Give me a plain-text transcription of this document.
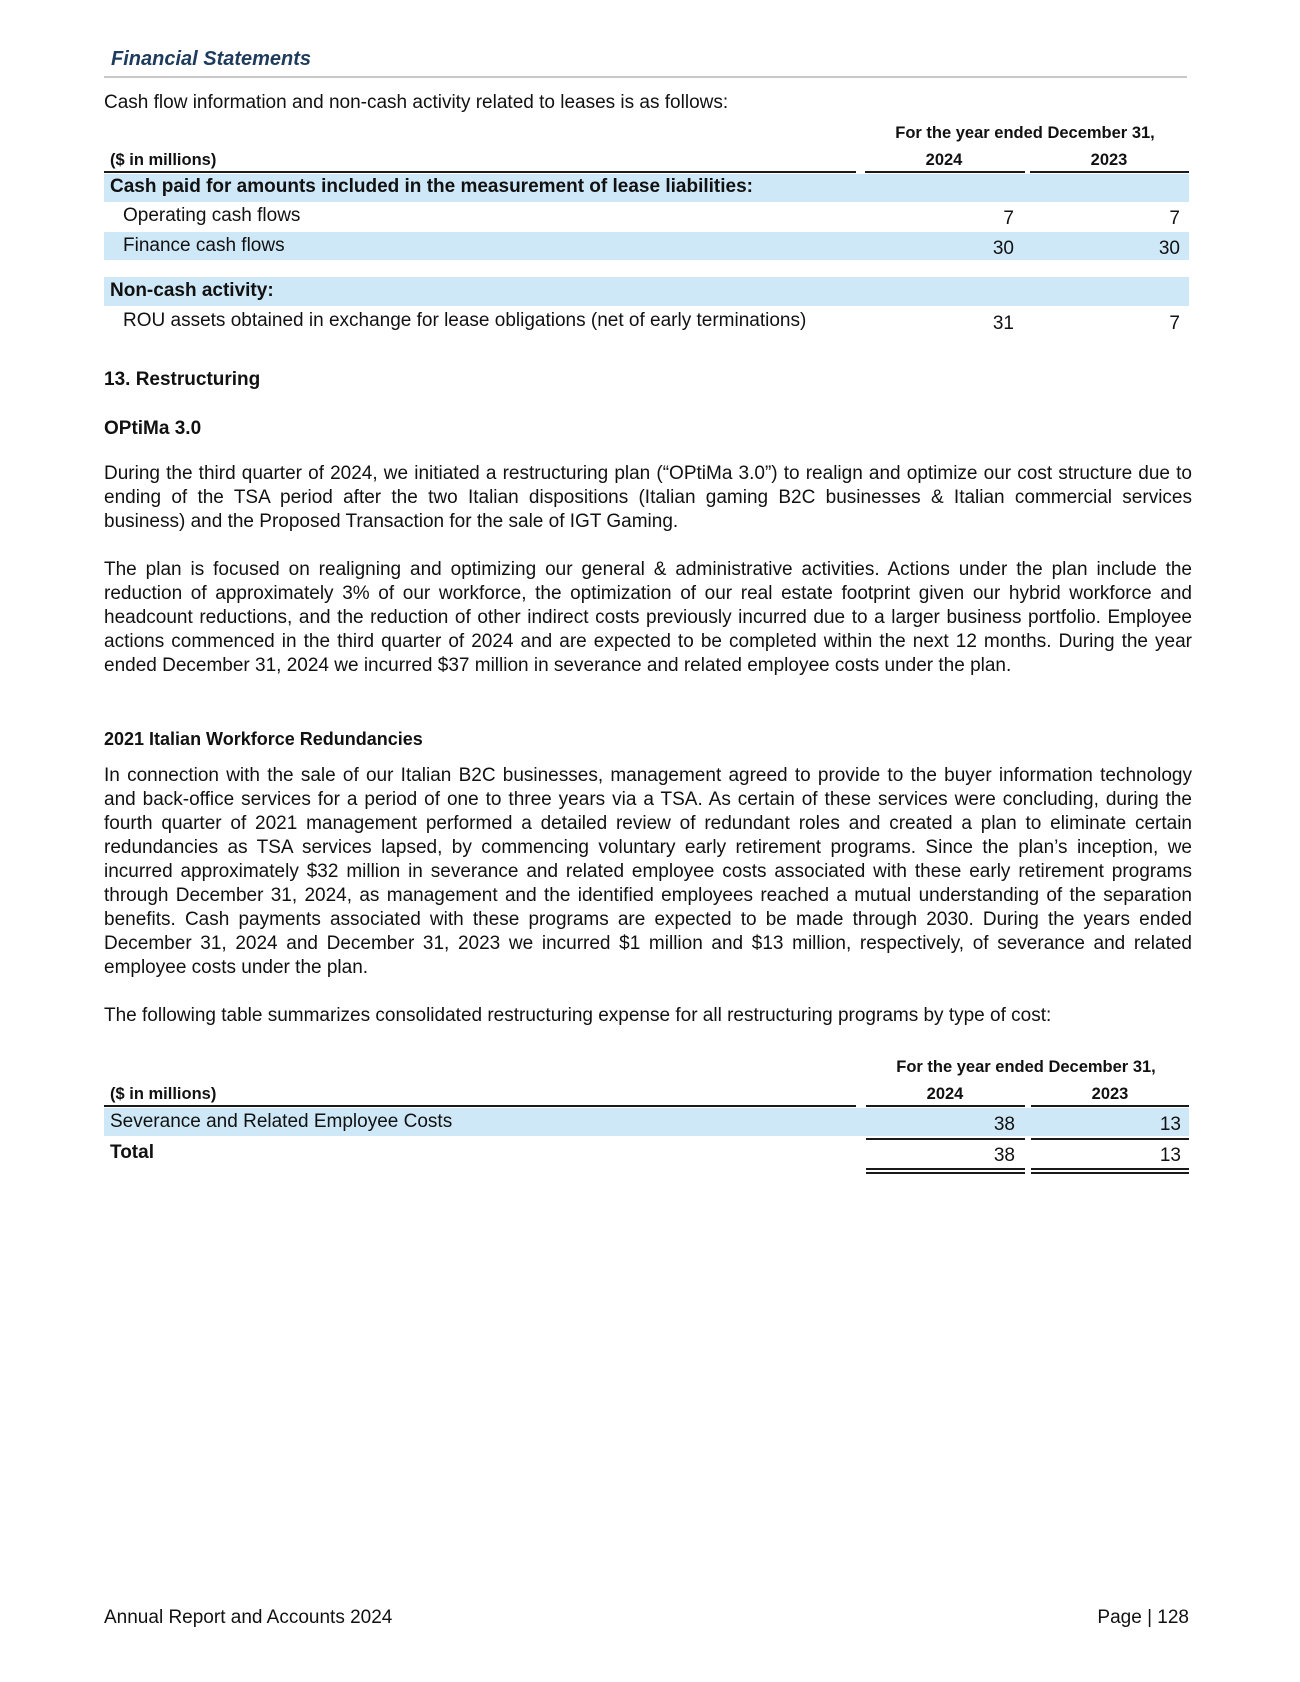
Financial Statements
Cash flow information and non-cash activity related to leases is as follows:
For the year ended December 31,
($ in millions)	2024	2023
Cash paid for amounts included in the measurement of lease liabilities:
Operating cash flows	7	7
Finance cash flows	30	30
Non-cash activity:
ROU assets obtained in exchange for lease obligations (net of early terminations)	31	7
13. Restructuring
OPtiMa 3.0

During the third quarter of 2024, we initiated a restructuring plan (“OPtiMa 3.0”) to realign and optimize our cost structure due to ending of the TSA period after the two Italian dispositions (Italian gaming B2C businesses & Italian commercial services business) and the Proposed Transaction for the sale of IGT Gaming.

The plan is focused on realigning and optimizing our general & administrative activities. Actions under the plan include the reduction of approximately 3% of our workforce, the optimization of our real estate footprint given our hybrid workforce and headcount reductions, and the reduction of other indirect costs previously incurred due to a larger business portfolio. Employee actions commenced in the third quarter of 2024 and are expected to be completed within the next 12 months. During the year ended December 31, 2024 we incurred $37 million in severance and related employee costs under the plan.

2021 Italian Workforce Redundancies

In connection with the sale of our Italian B2C businesses, management agreed to provide to the buyer information technology and back-office services for a period of one to three years via a TSA. As certain of these services were concluding, during the fourth quarter of 2021 management performed a detailed review of redundant roles and created a plan to eliminate certain redundancies as TSA services lapsed, by commencing voluntary early retirement programs. Since the plan’s inception, we incurred approximately $32 million in severance and related employee costs associated with these early retirement programs through December 31, 2024, as management and the identified employees reached a mutual understanding of the separation benefits. Cash payments associated with these programs are expected to be made through 2030. During the years ended December 31, 2024 and December 31, 2023 we incurred $1 million and $13 million, respectively, of severance and related employee costs under the plan.

The following table summarizes consolidated restructuring expense for all restructuring programs by type of cost:
For the year ended December 31,
($ in millions)	2024	2023
Severance and Related Employee Costs	38	13
Total	38	13
Annual Report and Accounts 2024	Page | 128
